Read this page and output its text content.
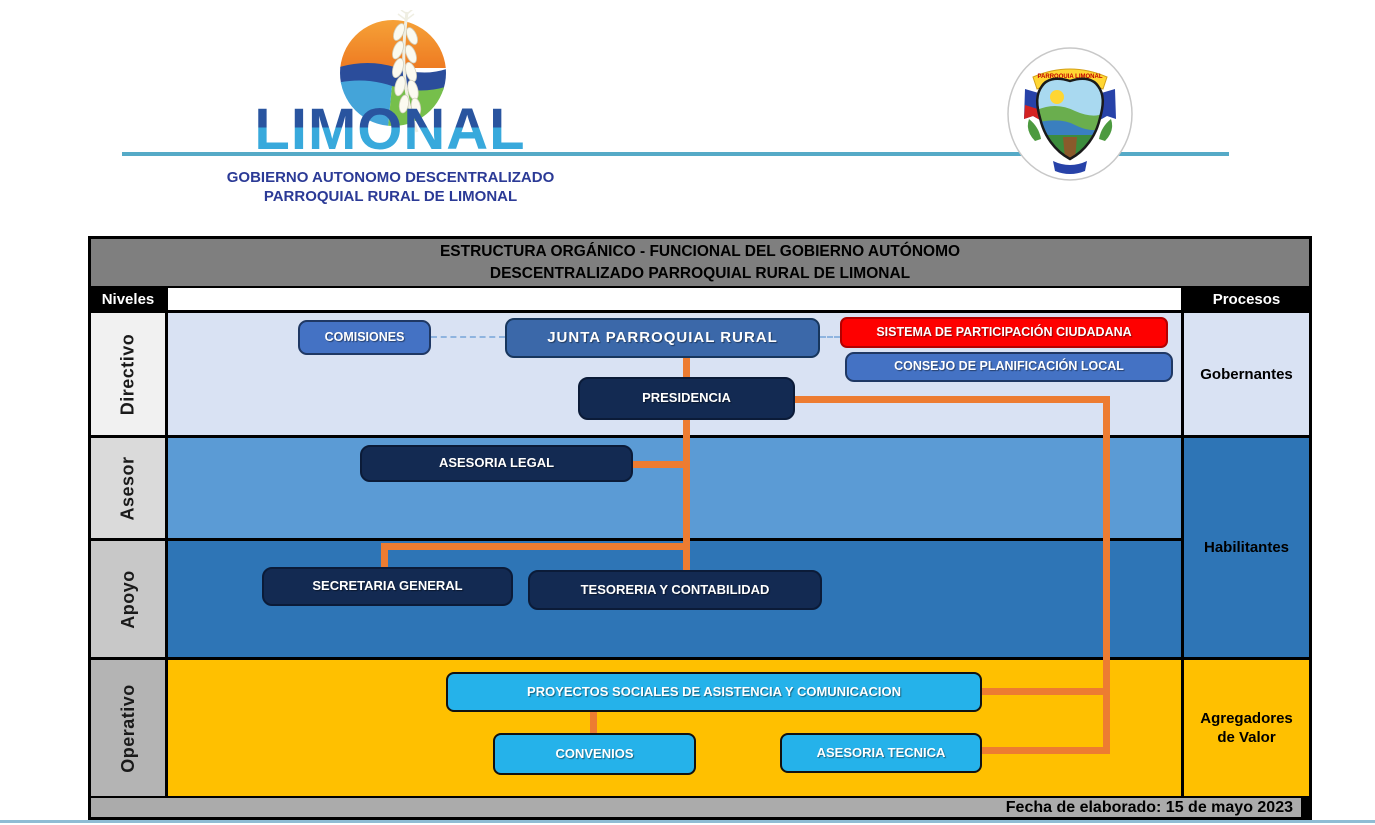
LIMONAL
GOBIERNO AUTONOMO DESCENTRALIZADO
PARROQUIAL RURAL DE LIMONAL
PARROQUIA LIMONAL
ESTRUCTURA ORGÁNICO - FUNCIONAL DEL GOBIERNO AUTÓNOMO
DESCENTRALIZADO PARROQUIAL RURAL DE LIMONAL
Niveles	Procesos
Directivo
Asesor
Apoyo
Operativo
Gobernantes
Habilitantes
Agregadores de Valor
Fecha de elaborado: 15 de mayo 2023
COMISIONES	JUNTA PARROQUIAL RURAL	SISTEMA DE PARTICIPACIÓN CIUDADANA
CONSEJO DE PLANIFICACIÓN LOCAL
PRESIDENCIA
ASESORIA LEGAL
SECRETARIA GENERAL	TESORERIA Y CONTABILIDAD
PROYECTOS SOCIALES DE ASISTENCIA Y COMUNICACION
CONVENIOS	ASESORIA TECNICA
